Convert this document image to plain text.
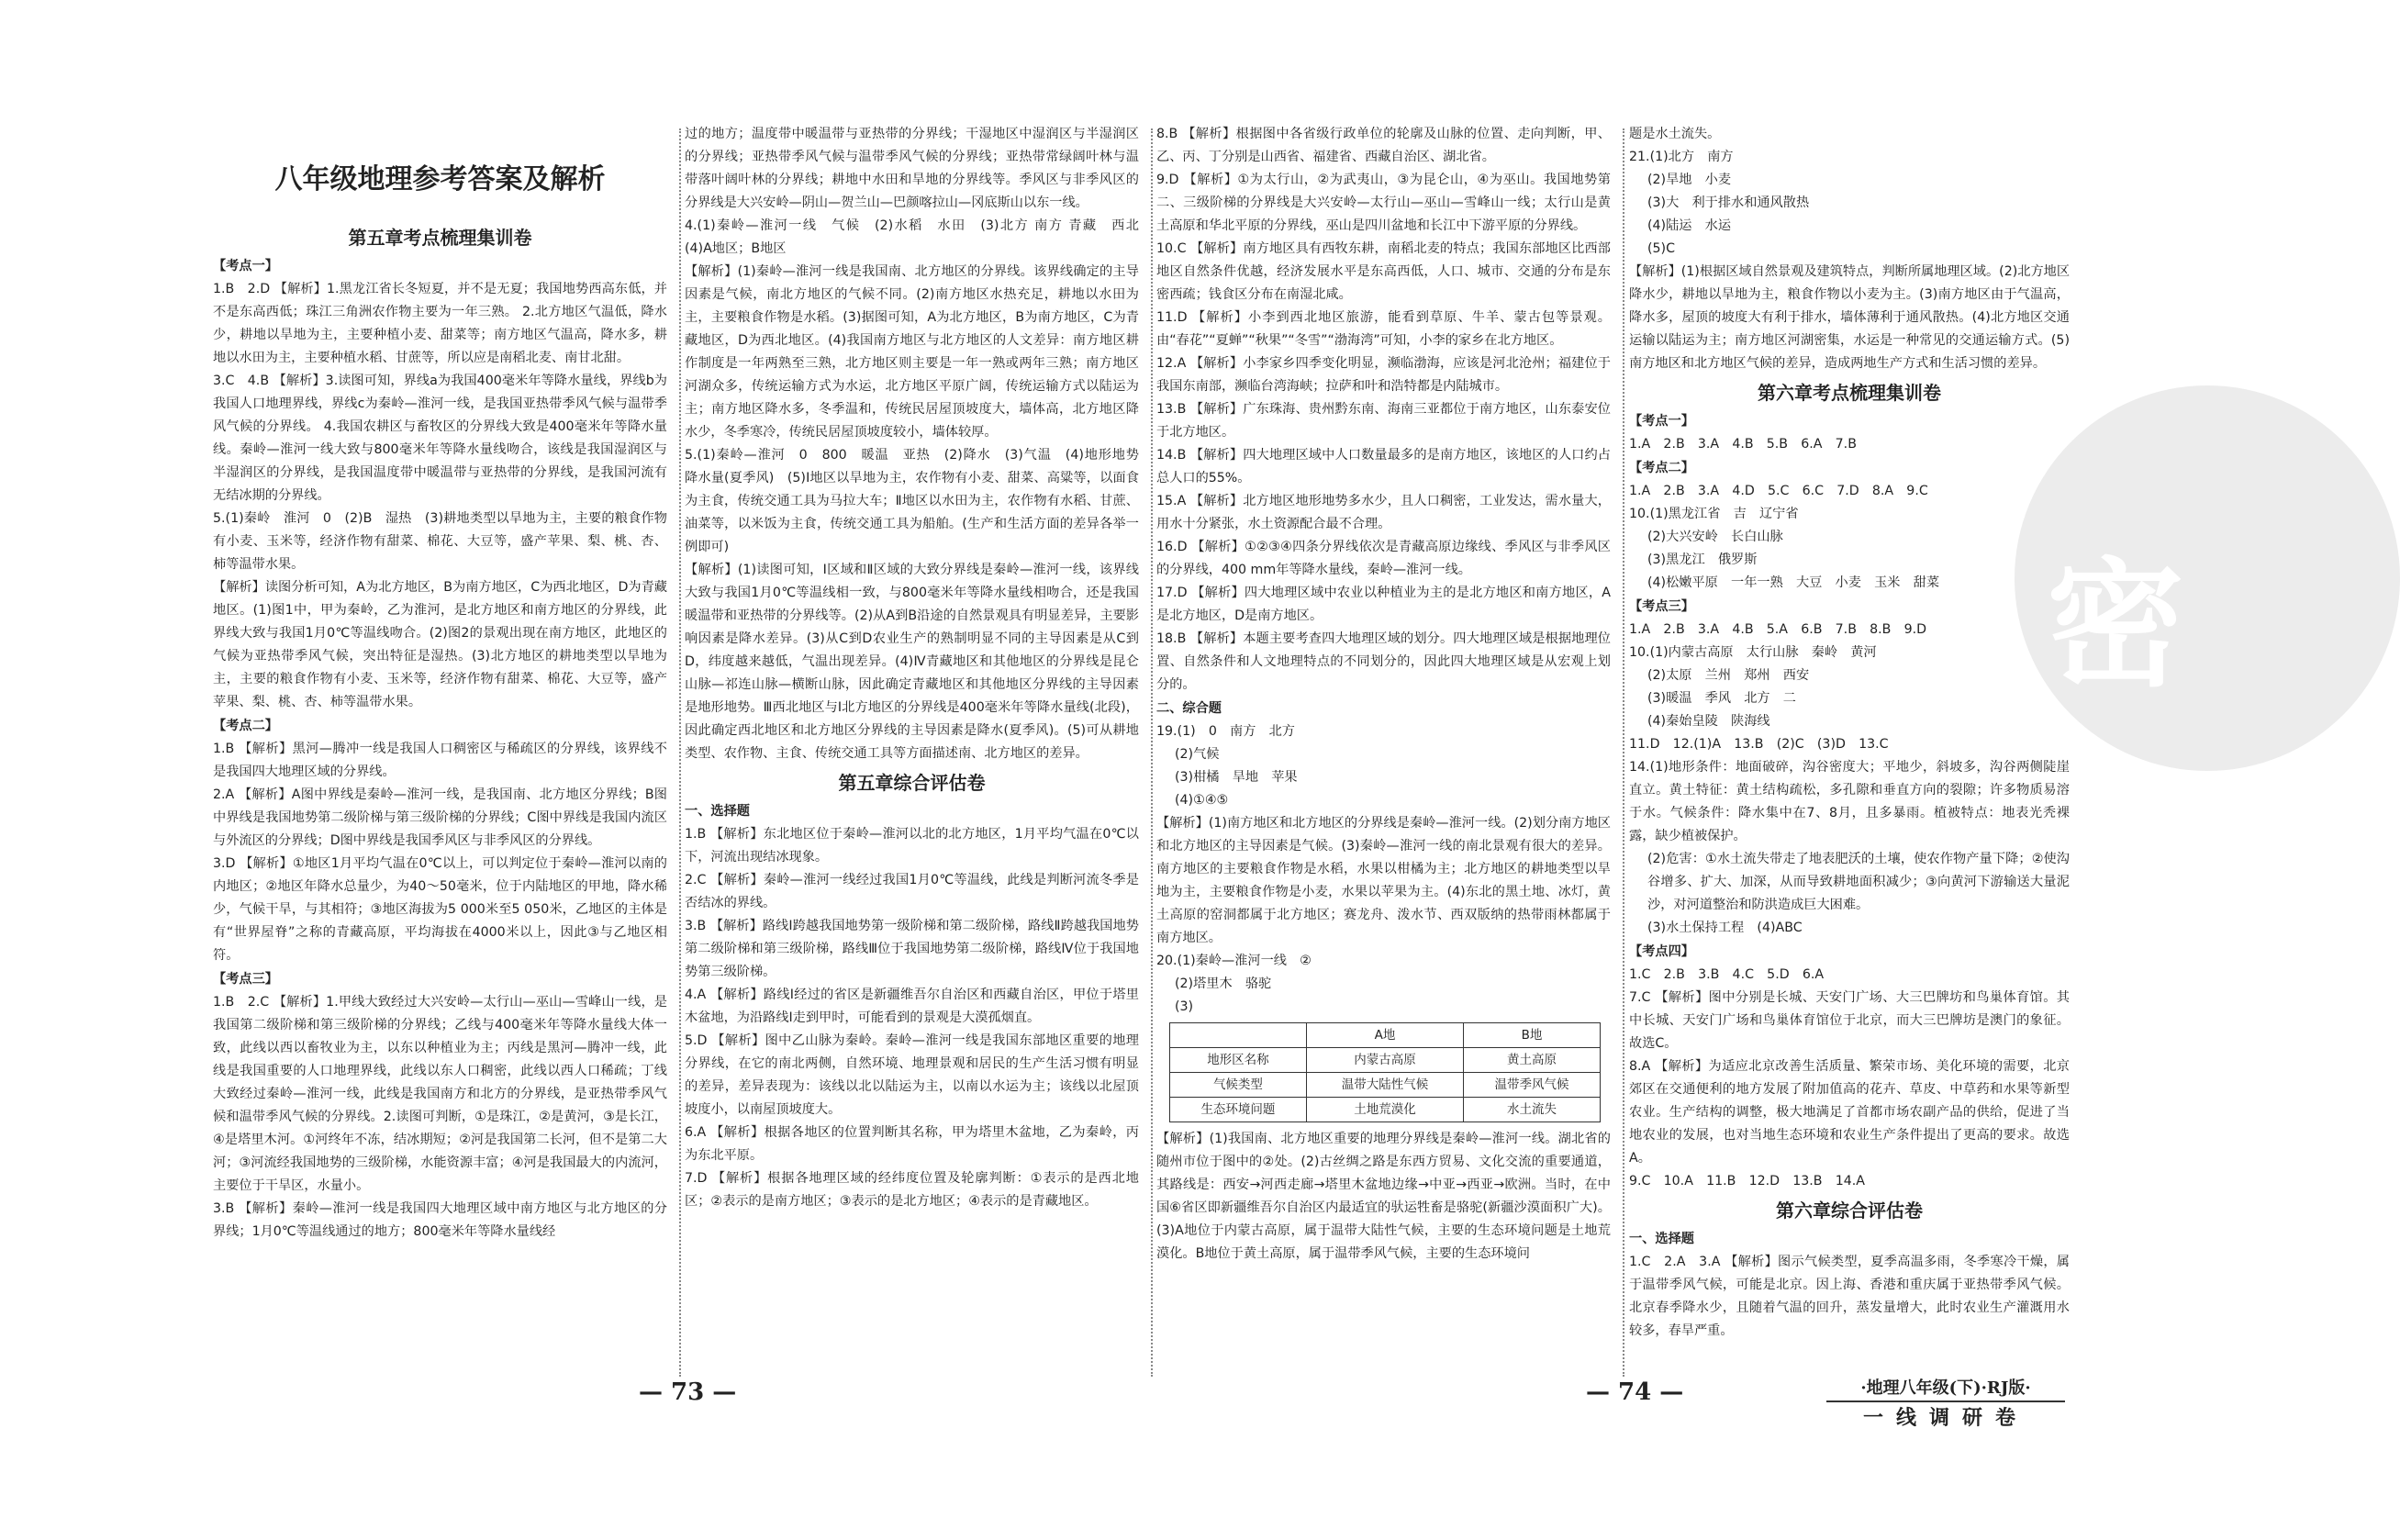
密
八年级地理参考答案及解析
第五章考点梳理集训卷
【考点一】
1.B　2.D 【解析】1.黑龙江省长冬短夏，并不是无夏；我国地势西高东低，并不是东高西低；珠江三角洲农作物主要为一年三熟。 2.北方地区气温低，降水少，耕地以旱地为主，主要种植小麦、甜菜等；南方地区气温高，降水多，耕地以水田为主，主要种植水稻、甘蔗等，所以应是南稻北麦、南甘北甜。
3.C　4.B 【解析】3.读图可知，界线a为我国400毫米年等降水量线，界线b为我国人口地理界线，界线c为秦岭—淮河一线，是我国亚热带季风气候与温带季风气候的分界线。 4.我国农耕区与畜牧区的分界线大致是400毫米年等降水量线。秦岭—淮河一线大致与800毫米年等降水量线吻合，该线是我国湿润区与半湿润区的分界线，是我国温度带中暖温带与亚热带的分界线，是我国河流有无结冰期的分界线。
5.(1)秦岭　淮河　0　(2)B　湿热　(3)耕地类型以旱地为主，主要的粮食作物有小麦、玉米等，经济作物有甜菜、棉花、大豆等，盛产苹果、梨、桃、杏、柿等温带水果。
【解析】读图分析可知，A为北方地区，B为南方地区，C为西北地区，D为青藏地区。(1)图1中，甲为秦岭，乙为淮河，是北方地区和南方地区的分界线，此界线大致与我国1月0℃等温线吻合。(2)图2的景观出现在南方地区，此地区的气候为亚热带季风气候，突出特征是湿热。(3)北方地区的耕地类型以旱地为主，主要的粮食作物有小麦、玉米等，经济作物有甜菜、棉花、大豆等，盛产苹果、梨、桃、杏、柿等温带水果。
【考点二】
1.B 【解析】黑河—腾冲一线是我国人口稠密区与稀疏区的分界线，该界线不是我国四大地理区域的分界线。
2.A 【解析】A图中界线是秦岭—淮河一线，是我国南、北方地区分界线；B图中界线是我国地势第二级阶梯与第三级阶梯的分界线；C图中界线是我国内流区与外流区的分界线；D图中界线是我国季风区与非季风区的分界线。
3.D 【解析】①地区1月平均气温在0℃以上，可以判定位于秦岭—淮河以南的内地区；②地区年降水总量少，为40～50毫米，位于内陆地区的甲地，降水稀少，气候干旱，与其相符；③地区海拔为5 000米至5 050米，乙地区的主体是有“世界屋脊”之称的青藏高原，平均海拔在4000米以上，因此③与乙地区相符。
【考点三】
1.B　2.C 【解析】1.甲线大致经过大兴安岭—太行山—巫山—雪峰山一线，是我国第二级阶梯和第三级阶梯的分界线；乙线与400毫米年等降水量线大体一致，此线以西以畜牧业为主，以东以种植业为主；丙线是黑河—腾冲一线，此线是我国重要的人口地理界线，此线以东人口稠密，此线以西人口稀疏；丁线大致经过秦岭—淮河一线，此线是我国南方和北方的分界线，是亚热带季风气候和温带季风气候的分界线。2.读图可判断，①是珠江，②是黄河，③是长江，④是塔里木河。①河终年不冻，结冰期短；②河是我国第二长河，但不是第二大河；③河流经我国地势的三级阶梯，水能资源丰富；④河是我国最大的内流河，主要位于干旱区，水量小。
3.B 【解析】秦岭—淮河一线是我国四大地理区域中南方地区与北方地区的分界线；1月0℃等温线通过的地方；800毫米年等降水量线经
过的地方；温度带中暖温带与亚热带的分界线；干湿地区中湿润区与半湿润区的分界线；亚热带季风气候与温带季风气候的分界线；亚热带常绿阔叶林与温带落叶阔叶林的分界线；耕地中水田和旱地的分界线等。季风区与非季风区的分界线是大兴安岭—阴山—贺兰山—巴颜喀拉山—冈底斯山以东一线。
4.(1)秦岭—淮河一线　气候　(2)水稻　水田　(3)北方 南方 青藏　西北　(4)A地区；B地区
【解析】(1)秦岭—淮河一线是我国南、北方地区的分界线。该界线确定的主导因素是气候，南北方地区的气候不同。(2)南方地区水热充足，耕地以水田为主，主要粮食作物是水稻。(3)据图可知，A为北方地区，B为南方地区，C为青藏地区，D为西北地区。(4)我国南方地区与北方地区的人文差异：南方地区耕作制度是一年两熟至三熟，北方地区则主要是一年一熟或两年三熟；南方地区河湖众多，传统运输方式为水运，北方地区平原广阔，传统运输方式以陆运为主；南方地区降水多，冬季温和，传统民居屋顶坡度大，墙体高，北方地区降水少，冬季寒冷，传统民居屋顶坡度较小，墙体较厚。
5.(1)秦岭—淮河　0　800　暖温　亚热　(2)降水　(3)气温　(4)地形地势　降水量(夏季风)　(5)Ⅰ地区以旱地为主，农作物有小麦、甜菜、高粱等，以面食为主食，传统交通工具为马拉大车；Ⅱ地区以水田为主，农作物有水稻、甘蔗、油菜等，以米饭为主食，传统交通工具为船舶。(生产和生活方面的差异各举一例即可)
【解析】(1)读图可知，Ⅰ区域和Ⅱ区域的大致分界线是秦岭—淮河一线，该界线大致与我国1月0℃等温线相一致，与800毫米年等降水量线相吻合，还是我国暖温带和亚热带的分界线等。(2)从A到B沿途的自然景观具有明显差异，主要影响因素是降水差异。(3)从C到D农业生产的熟制明显不同的主导因素是从C到D，纬度越来越低，气温出现差异。(4)Ⅳ青藏地区和其他地区的分界线是昆仑山脉—祁连山脉—横断山脉，因此确定青藏地区和其他地区分界线的主导因素是地形地势。Ⅲ西北地区与Ⅰ北方地区的分界线是400毫米年等降水量线(北段)，因此确定西北地区和北方地区分界线的主导因素是降水(夏季风)。(5)可从耕地类型、农作物、主食、传统交通工具等方面描述南、北方地区的差异。
第五章综合评估卷
一、选择题
1.B 【解析】东北地区位于秦岭—淮河以北的北方地区，1月平均气温在0℃以下，河流出现结冰现象。
2.C 【解析】秦岭—淮河一线经过我国1月0℃等温线，此线是判断河流冬季是否结冰的界线。
3.B 【解析】路线Ⅰ跨越我国地势第一级阶梯和第二级阶梯，路线Ⅱ跨越我国地势第二级阶梯和第三级阶梯，路线Ⅲ位于我国地势第二级阶梯，路线Ⅳ位于我国地势第三级阶梯。
4.A 【解析】路线Ⅰ经过的省区是新疆维吾尔自治区和西藏自治区，甲位于塔里木盆地，为沿路线Ⅰ走到甲时，可能看到的景观是大漠孤烟直。
5.D 【解析】图中乙山脉为秦岭。秦岭—淮河一线是我国东部地区重要的地理分界线，在它的南北两侧，自然环境、地理景观和居民的生产生活习惯有明显的差异，差异表现为：该线以北以陆运为主，以南以水运为主；该线以北屋顶坡度小，以南屋顶坡度大。
6.A 【解析】根据各地区的位置判断其名称，甲为塔里木盆地，乙为秦岭，丙为东北平原。
7.D 【解析】根据各地理区域的经纬度位置及轮廓判断：①表示的是西北地区；②表示的是南方地区；③表示的是北方地区；④表示的是青藏地区。
8.B 【解析】根据图中各省级行政单位的轮廓及山脉的位置、走向判断，甲、乙、丙、丁分别是山西省、福建省、西藏自治区、湖北省。
9.D 【解析】①为太行山，②为武夷山，③为昆仑山，④为巫山。我国地势第二、三级阶梯的分界线是大兴安岭—太行山—巫山—雪峰山一线；太行山是黄土高原和华北平原的分界线，巫山是四川盆地和长江中下游平原的分界线。
10.C 【解析】南方地区具有西牧东耕，南稻北麦的特点；我国东部地区比西部地区自然条件优越，经济发展水平是东高西低，人口、城市、交通的分布是东密西疏；钱食区分布在南湿北咸。
11.D 【解析】小李到西北地区旅游，能看到草原、牛羊、蒙古包等景观。由“春花”“夏蝉”“秋果”“冬雪”“渤海湾”可知，小李的家乡在北方地区。
12.A 【解析】小李家乡四季变化明显，濒临渤海，应该是河北沧州；福建位于我国东南部，濒临台湾海峡；拉萨和叶和浩特都是内陆城市。
13.B 【解析】广东珠海、贵州黔东南、海南三亚都位于南方地区，山东泰安位于北方地区。
14.B 【解析】四大地理区域中人口数量最多的是南方地区，该地区的人口约占总人口的55%。
15.A 【解析】北方地区地形地势多水少，且人口稠密，工业发达，需水量大，用水十分紧张，水土资源配合最不合理。
16.D 【解析】①②③④四条分界线依次是青藏高原边缘线、季风区与非季风区的分界线，400 mm年等降水量线，秦岭—淮河一线。
17.D 【解析】四大地理区域中农业以种植业为主的是北方地区和南方地区，A是北方地区，D是南方地区。
18.B 【解析】本题主要考查四大地理区域的划分。四大地理区域是根据地理位置、自然条件和人文地理特点的不同划分的，因此四大地理区域是从宏观上划分的。
二、综合题
19.(1)　0　南方　北方
(2)气候
(3)柑橘　旱地　苹果
(4)①④⑤
【解析】(1)南方地区和北方地区的分界线是秦岭—淮河一线。(2)划分南方地区和北方地区的主导因素是气候。(3)秦岭—淮河一线的南北景观有很大的差异。南方地区的主要粮食作物是水稻，水果以柑橘为主；北方地区的耕地类型以旱地为主，主要粮食作物是小麦，水果以苹果为主。(4)东北的黑土地、冰灯，黄土高原的窑洞都属于北方地区；赛龙舟、泼水节、西双版纳的热带雨林都属于南方地区。
20.(1)秦岭—淮河一线　②
(2)塔里木　骆驼
(3)
	A地	B地
地形区名称	内蒙古高原	黄土高原
气候类型	温带大陆性气候	温带季风气候
生态环境问题	土地荒漠化	水土流失
【解析】(1)我国南、北方地区重要的地理分界线是秦岭—淮河一线。湖北省的随州市位于图中的②处。(2)古丝绸之路是东西方贸易、文化交流的重要通道，其路线是：西安→河西走廊→塔里木盆地边缘→中亚→西亚→欧洲。当时，在中国⑥省区即新疆维吾尔自治区内最适宜的驮运牲畜是骆驼(新疆沙漠面积广大)。(3)A地位于内蒙古高原，属于温带大陆性气候，主要的生态环境问题是土地荒漠化。B地位于黄土高原，属于温带季风气候，主要的生态环境问
题是水土流失。
21.(1)北方　南方
(2)旱地　小麦
(3)大　利于排水和通风散热
(4)陆运　水运
(5)C
【解析】(1)根据区域自然景观及建筑特点，判断所属地理区域。(2)北方地区降水少，耕地以旱地为主，粮食作物以小麦为主。(3)南方地区由于气温高，降水多，屋顶的坡度大有利于排水，墙体薄利于通风散热。(4)北方地区交通运输以陆运为主；南方地区河湖密集，水运是一种常见的交通运输方式。(5)南方地区和北方地区气候的差异，造成两地生产方式和生活习惯的差异。
第六章考点梳理集训卷
【考点一】
1.A　2.B　3.A　4.B　5.B　6.A　7.B
【考点二】
1.A　2.B　3.A　4.D　5.C　6.C　7.D　8.A　9.C
10.(1)黑龙江省　吉　辽宁省
(2)大兴安岭　长白山脉
(3)黑龙江　俄罗斯
(4)松嫩平原　一年一熟　大豆　小麦　玉米　甜菜
【考点三】
1.A　2.B　3.A　4.B　5.A　6.B　7.B　8.B　9.D
10.(1)内蒙古高原　太行山脉　秦岭　黄河
(2)太原　兰州　郑州　西安
(3)暖温　季风　北方　二
(4)秦始皇陵　陕海线
11.D　12.(1)A　13.B　(2)C　(3)D　13.C
14.(1)地形条件：地面破碎，沟谷密度大；平地少，斜坡多，沟谷两侧陡崖直立。黄土特征：黄土结构疏松，多孔隙和垂直方向的裂隙；许多物质易溶于水。气候条件：降水集中在7、8月，且多暴雨。植被特点：地表光秃裸露，缺少植被保护。
(2)危害：①水土流失带走了地表肥沃的土壤，使农作物产量下降；②使沟谷增多、扩大、加深，从而导致耕地面积减少；③向黄河下游输送大量泥沙，对河道整治和防洪造成巨大困难。
(3)水土保持工程　(4)ABC
【考点四】
1.C　2.B　3.B　4.C　5.D　6.A
7.C 【解析】图中分别是长城、天安门广场、大三巴牌坊和鸟巢体育馆。其中长城、天安门广场和鸟巢体育馆位于北京，而大三巴牌坊是澳门的象征。故选C。
8.A 【解析】为适应北京改善生活质量、繁荣市场、美化环境的需要，北京郊区在交通便利的地方发展了附加值高的花卉、草皮、中草药和水果等新型农业。生产结构的调整，极大地满足了首都市场农副产品的供给，促进了当地农业的发展，也对当地生态环境和农业生产条件提出了更高的要求。故选A。
9.C　10.A　11.B　12.D　13.B　14.A
第六章综合评估卷
一、选择题
1.C　2.A　3.A 【解析】图示气候类型，夏季高温多雨，冬季寒冷干燥，属于温带季风气候，可能是北京。因上海、香港和重庆属于亚热带季风气候。北京春季降水少，且随着气温的回升，蒸发量增大，此时农业生产灌溉用水较多，春旱严重。
— 73 —	— 74 —	·地理八年级(下)·RJ版·
一线调研卷
